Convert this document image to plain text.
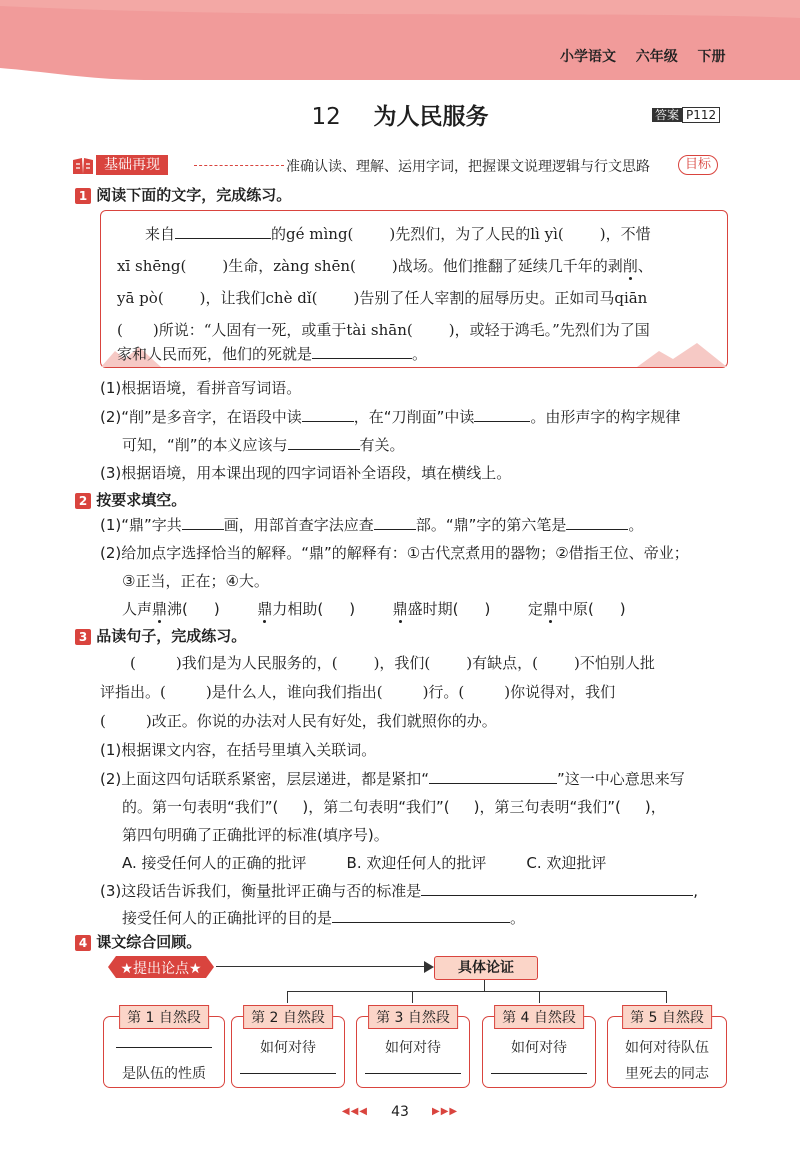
小学语文 六年级 下册
12 为人民服务	答案 P112
基础再现	准确认读、理解、运用字词，把握课文说理逻辑与行文思路	目标
1 阅读下面的文字，完成练习。
来自	的gé mìng( )先烈们，为了人民的lì yì( )，不惜
xī shēng( )生命，zàng shēn( )战场。他们推翻了延续几千年的剥削、
yā pò( )，让我们chè dǐ( )告别了任人宰割的屈辱历史。正如司马qiān
( )所说：“人固有一死，或重于tài shān( )，或轻于鸿毛。”先烈们为了国
家和人民而死，他们的死就是	。
(1)根据语境，看拼音写词语。
(2)“削”是多音字，在语段中读	，在“刀削面”中读	。由形声字的构字规律
可知，“削”的本义应该与	有关。
(3)根据语境，用本课出现的四字词语补全语段，填在横线上。
2 按要求填空。
(1)“鼎”字共	画，用部首查字法应查	部。“鼎”字的第六笔是	。
(2)给加点字选择恰当的解释。“鼎”的解释有：①古代烹煮用的器物；②借指王位、帝业；
③正当，正在；④大。
人声鼎沸( )	鼎力相助( )	鼎盛时期( )	定鼎中原( )
3 品读句子，完成练习。
(	)我们是为人民服务的，( )，我们( )有缺点，( )不怕别人批
评指出。(	)是什么人，谁向我们指出(	)行。(	)你说得对，我们
(	)改正。你说的办法对人民有好处，我们就照你的办。
(1)根据课文内容，在括号里填入关联词。
(2)上面这四句话联系紧密，层层递进，都是紧扣“	”这一中心意思来写
的。第一句表明“我们”( )，第二句表明“我们”( )，第三句表明“我们”( )，
第四句明确了正确批评的标准(填序号)。
A. 接受任何人的正确的批评	B. 欢迎任何人的批评	C. 欢迎批评
(3)这段话告诉我们，衡量批评正确与否的标准是	,
接受任何人的正确批评的目的是	。
4 课文综合回顾。
★提出论点★	具体论证
第 1 自然段
是队伍的性质
第 2 自然段
如何对待
第 3 自然段
如何对待
第 4 自然段
如何对待
第 5 自然段
如何对待队伍
里死去的同志
◀◀◀ 43 ▶▶▶
